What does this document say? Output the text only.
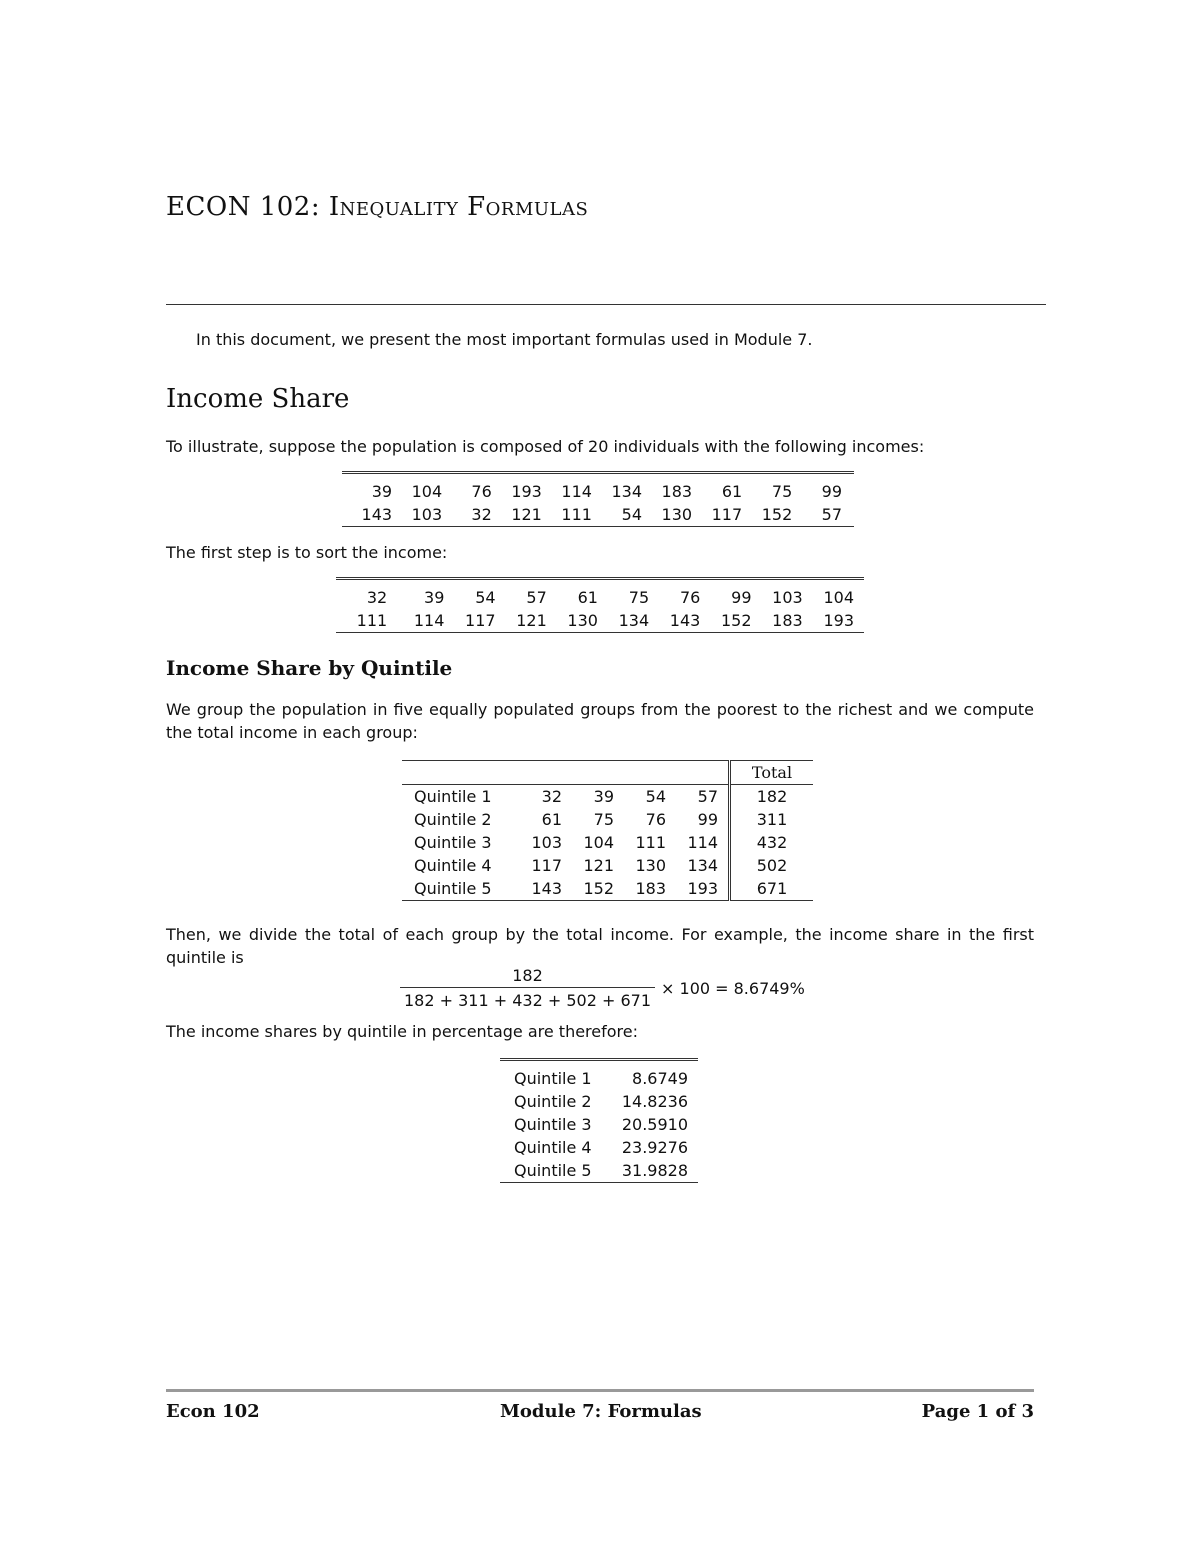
ECON 102: Inequality Formulas
In this document, we present the most important formulas used in Module 7.
Income Share
To illustrate, suppose the population is composed of 20 individuals with the following incomes:

39	104	76	193	114	134	183	61	75	99
143	103	32	121	111	54	130	117	152	57
The first step is to sort the income:

32	39	54	57	61	75	76	99	103	104
111	114	117	121	130	134	143	152	183	193
Income Share by Quintile
We group the population in five equally populated groups from the poorest to the richest and we compute the total income in each group:
					Total
Quintile 1	32	39	54	57	182
Quintile 2	61	75	76	99	311
Quintile 3	103	104	111	114	432
Quintile 4	117	121	130	134	502
Quintile 5	143	152	183	193	671
Then, we divide the total of each group by the total income. For example, the income share in the first quintile is
$\frac{182}{182 + 311 + 432 + 502 + 671} \times 100 = 8.6749\%$
The income shares by quintile in percentage are therefore:

Quintile 1	8.6749
Quintile 2	14.8236
Quintile 3	20.5910
Quintile 4	23.9276
Quintile 5	31.9828
Econ 102	Module 7: Formulas	Page 1 of 3
